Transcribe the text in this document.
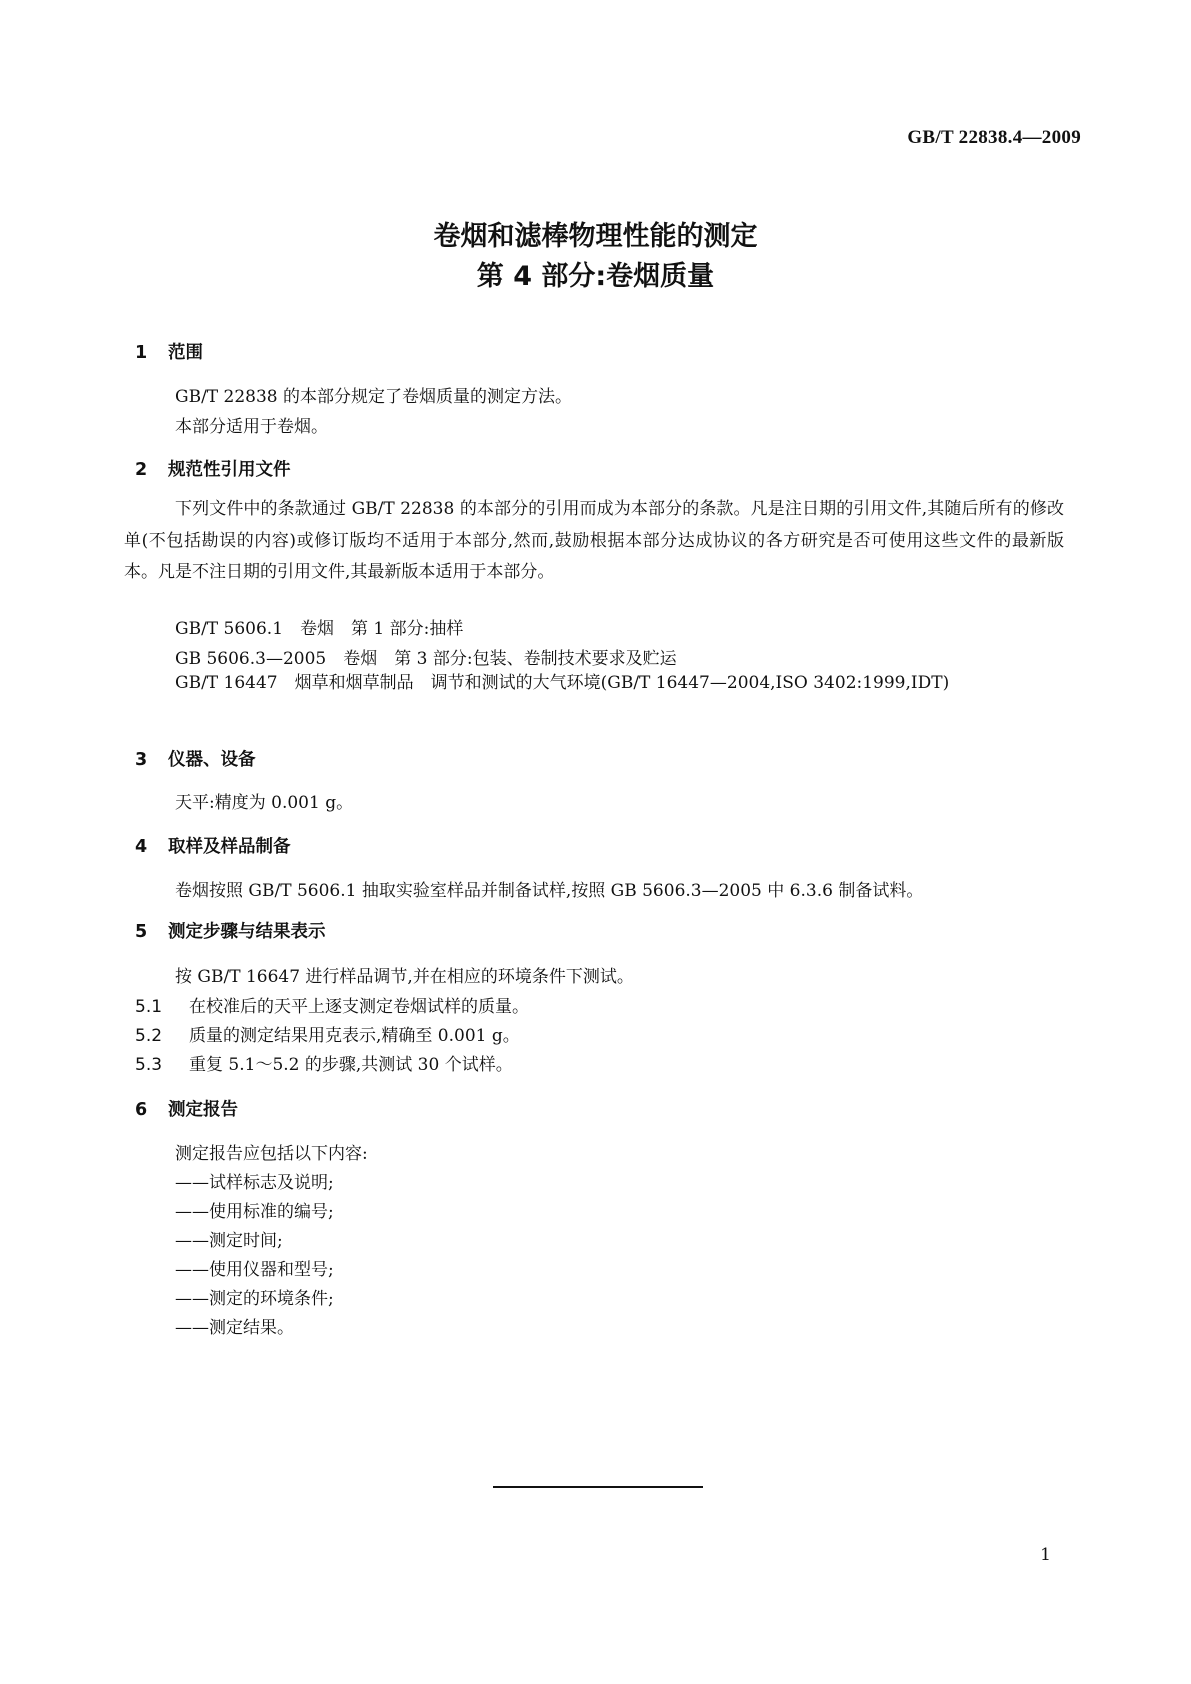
GB/T 22838.4—2009
卷烟和滤棒物理性能的测定
第 4 部分:卷烟质量
1 范围
GB/T 22838 的本部分规定了卷烟质量的测定方法。
本部分适用于卷烟。
2 规范性引用文件
下列文件中的条款通过 GB/T 22838 的本部分的引用而成为本部分的条款。凡是注日期的引用文件,其随后所有的修改单(不包括勘误的内容)或修订版均不适用于本部分,然而,鼓励根据本部分达成协议的各方研究是否可使用这些文件的最新版本。凡是不注日期的引用文件,其最新版本适用于本部分。
GB/T 5606.1　卷烟　第 1 部分:抽样
GB 5606.3—2005　卷烟　第 3 部分:包装、卷制技术要求及贮运
GB/T 16447　烟草和烟草制品　调节和测试的大气环境(GB/T 16447—2004,ISO 3402:1999,IDT)
3 仪器、设备
天平:精度为 0.001 g。
4 取样及样品制备
卷烟按照 GB/T 5606.1 抽取实验室样品并制备试样,按照 GB 5606.3—2005 中 6.3.6 制备试料。
5 测定步骤与结果表示
按 GB/T 16647 进行样品调节,并在相应的环境条件下测试。
5.1 在校准后的天平上逐支测定卷烟试样的质量。
5.2 质量的测定结果用克表示,精确至 0.001 g。
5.3 重复 5.1～5.2 的步骤,共测试 30 个试样。
6 测定报告
测定报告应包括以下内容:
——试样标志及说明;
——使用标准的编号;
——测定时间;
——使用仪器和型号;
——测定的环境条件;
——测定结果。
1
